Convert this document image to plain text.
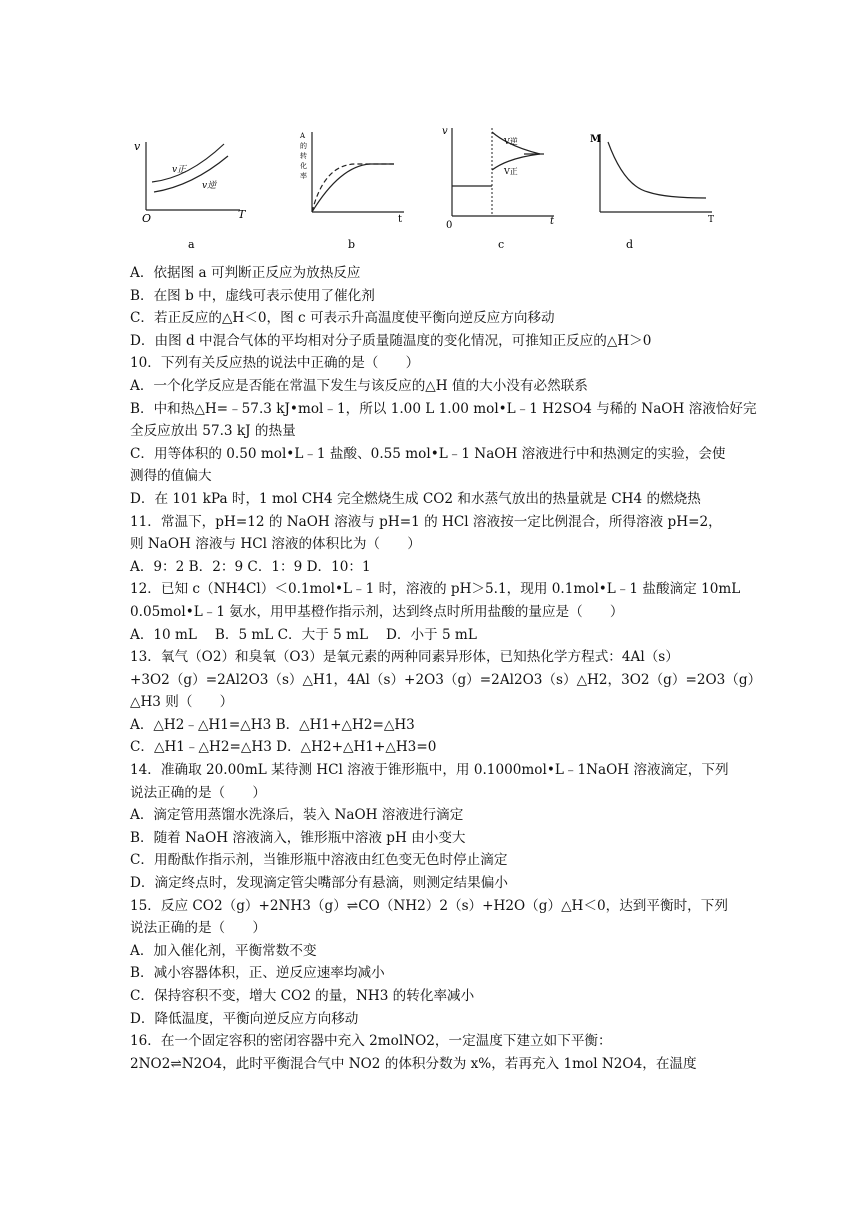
v
T
O
v正
v逆
a
A
的
转
化
率
t
b
v
t
0
V逆
V正
c
M
T
d
A．依据图 a 可判断正反应为放热反应
B．在图 b 中，虚线可表示使用了催化剂
C．若正反应的△H＜0，图 c 可表示升高温度使平衡向逆反应方向移动
D．由图 d 中混合气体的平均相对分子质量随温度的变化情况，可推知正反应的△H＞0
10．下列有关反应热的说法中正确的是（　　）
A．一个化学反应是否能在常温下发生与该反应的△H 值的大小没有必然联系
B．中和热△H=﹣57.3 kJ•mol﹣1，所以 1.00 L 1.00 mol•L﹣1 H2SO4 与稀的 NaOH 溶液恰好完
全反应放出 57.3 kJ 的热量
C．用等体积的 0.50 mol•L﹣1 盐酸、0.55 mol•L﹣1 NaOH 溶液进行中和热测定的实验，会使
测得的值偏大
D．在 101 kPa 时，1 mol CH4 完全燃烧生成 CO2 和水蒸气放出的热量就是 CH4 的燃烧热
11．常温下，pH=12 的 NaOH 溶液与 pH=1 的 HCl 溶液按一定比例混合，所得溶液 pH=2，
则 NaOH 溶液与 HCl 溶液的体积比为（　　）
A．9：2 B．2：9 C．1：9 D．10：1
12．已知 c（NH4Cl）＜0.1mol•L﹣1 时，溶液的 pH＞5.1，现用 0.1mol•L﹣1 盐酸滴定 10mL
0.05mol•L﹣1 氨水，用甲基橙作指示剂，达到终点时所用盐酸的量应是（　　）
A．10 mL　 B．5 mL C．大于 5 mL　 D．小于 5 mL
13．氧气（O2）和臭氧（O3）是氧元素的两种同素异形体，已知热化学方程式：4Al（s）
+3O2（g）=2Al2O3（s）△H1，4Al（s）+2O3（g）=2Al2O3（s）△H2，3O2（g）=2O3（g）
△H3 则（　　）
A．△H2﹣△H1=△H3 B．△H1+△H2=△H3
C．△H1﹣△H2=△H3 D．△H2+△H1+△H3=0
14．准确取 20.00mL 某待测 HCl 溶液于锥形瓶中，用 0.1000mol•L﹣1NaOH 溶液滴定，下列
说法正确的是（　　）
A．滴定管用蒸馏水洗涤后，装入 NaOH 溶液进行滴定
B．随着 NaOH 溶液滴入，锥形瓶中溶液 pH 由小变大
C．用酚酞作指示剂，当锥形瓶中溶液由红色变无色时停止滴定
D．滴定终点时，发现滴定管尖嘴部分有悬滴，则测定结果偏小
15．反应 CO2（g）+2NH3（g）⇌CO（NH2）2（s）+H2O（g）△H＜0，达到平衡时，下列
说法正确的是（　　）
A．加入催化剂，平衡常数不变
B．减小容器体积，正、逆反应速率均减小
C．保持容积不变，增大 CO2 的量，NH3 的转化率减小
D．降低温度，平衡向逆反应方向移动
16．在一个固定容积的密闭容器中充入 2molNO2，一定温度下建立如下平衡：
2NO2⇌N2O4，此时平衡混合气中 NO2 的体积分数为 x%，若再充入 1mol N2O4，在温度
